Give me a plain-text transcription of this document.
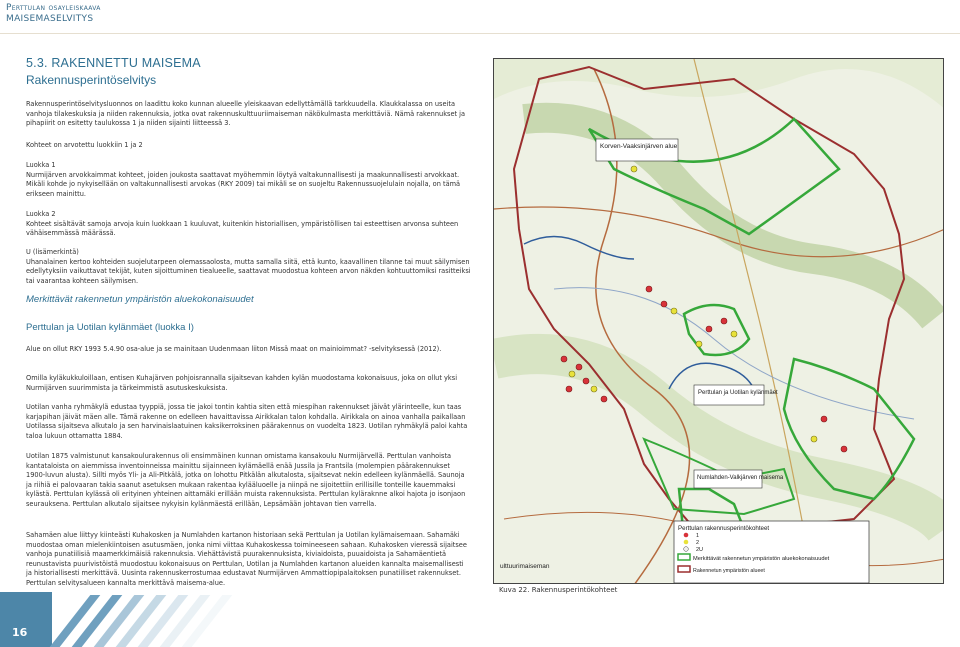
Perttulan osayleiskaava
MAISEMASELVITYS
5.3. RAKENNETTU MAISEMA
Rakennusperintöselvitys
Rakennusperintöselvitysluonnos on laadittu koko kunnan alueelle yleiskaavan edellyttämällä tarkkuudella. Klaukkalassa on useita vanhoja tilakeskuksia ja niiden rakennuksia, jotka ovat rakennuskulttuuriimaiseman näkökulmasta merkittäviä. Nämä rakennukset ja pihapiirit on esitetty taulukossa 1 ja niiden sijainti liitteessä 3.
Kohteet on arvotettu luokkiin 1 ja 2
Luokka 1
Nurmijärven arvokkaimmat kohteet, joiden joukosta saattavat myöhemmin löytyä valtakunnallisesti ja maakunnallisesti arvokkaat. Mikäli kohde jo nykyisellään on valtakunnallisesti arvokas (RKY 2009) tai mikäli se on suojeltu Rakennussuojelulain nojalla, on tämä erikseen mainittu.
Luokka 2
Kohteet sisältävät samoja arvoja kuin luokkaan 1 kuuluvat, kuitenkin historiallisen, ympäristöllisen tai esteettisen arvonsa suhteen vähäisemmässä määrässä.
U (lisämerkintä)
Uhanalainen kertoo kohteiden suojelutarpeen olemassaolosta, mutta samalla siitä, että kunto, kaavallinen tilanne tai muut säilymisen edellytyksiin vaikuttavat tekijät, kuten sijoittuminen tiealueelle, saattavat muodostua kohteen arvon näkden kohtuuttomiksi rasitteiksi tai vaarantaa kohteen säilymisen.
Merkittävät rakennetun ympäristön aluekokonaisuudet
Perttulan ja Uotilan kylänmäet (luokka I)
Alue on ollut RKY 1993 5.4.90 osa-alue ja se mainitaan Uudenmaan liiton Missä maat on mainioimmat? -selvityksessä (2012).
Omilla kyläkukkuloillaan, entisen Kuhajärven pohjoisrannalla sijaitsevan kahden kylän muodostama kokonaisuus, joka on ollut yksi Nurmijärven suurimmista ja tärkeimmistä asutuskeskuksista.
Uotilan vanha ryhmäkylä edustaa tyyppiä, jossa tie jakoi tontin kahtia siten että miespihan rakennukset jäivät ylärinteelle, kun taas karjapihan jäivät mäen alle. Tämä rakenne on edelleen havaittavissa Airikkalan talon kohdalla. Airikkala on ainoa vanhalla paikallaan Uotilassa sijaitseva alkutalo ja sen harvinaislaatuinen kaksikerroksinen päärakennus on vuodelta 1823. Uotilan ryhmäkylä paloi kahta taloa lukuun ottamatta 1884.
Uotilan 1875 valmistunut kansakoulurakennus oli ensimmäinen kunnan omistama kansakoulu Nurmijärvellä. Perttulan vanhoista kantataloista on aiemmissa inventoinneissa mainittu sijainneen kylämäellä enää Jussila ja Frantsila (molempien päärakennukset 1900-luvun alusta). Sillti myös Yli- ja Ali-Pitkälä, jotka on lohottu Pitkälän alkutalosta, sijaitsevat nekin edelleen kylänmäellä. Saunoja ja riihiä ei palovaaran takia saanut asetuksen mukaan rakentaa kylääluoelle ja niinpä ne sijoitettiin erillisille tonteille kauemmaksi kylästä. Perttulan kylässä oli erityinen yhteinen aittamäki erillään muista rakennuksista. Perttulan kyläraknne alkoi hajota jo isonjaon seurauksena. Perttulan alkutalo sijaitsee nykyisin kylänmäestä erillään, Lepsämään johtavan tien varrella.
Sahamäen alue liittyy kiinteästi Kuhakosken ja Numlahden kartanon historiaan sekä Perttulan ja Uotilan kylämaisemaan. Sahamäki muodostaa oman mielenkiintoisen asutusmäen, jonka nimi viittaa Kuhakoskessa toimineeseen sahaan. Kuhakosken vieressä sijaitsee vanhoja punatiilisiä maamerkkimäisiä rakennuksia. Viehättävistä puurakennuksista, kiviaidoista, puuaidoista ja Sahamäentietä reunustavista puurivistöistä muodostuu kokonaisuus on Perttulan, Uotilan ja Numlahden kartanon alueiden kannalta maisemallisesti ja historiallisesti merkittävä. Uusinta rakennuskerrostumaa edustavat Nurmijärven Ammattiopipalaitoksen punatiiliset rakennukset. Perttulan selvitysalueen kannalta merkittävä maisema-alue.
Korven-Vaaksinjärven alue
Perttulan ja Uotilan kylänmäet
Numlahden-Valkjärven maisema
ulttuurimaiseman
Perttulan rakennusperintökohteet
1
2
2U
Merkittävät rakennetun ympäristön aluekokonaisuudet
Rakennetun ympäristön alueet
Kuva 22. Rakennusperintökohteet
16
